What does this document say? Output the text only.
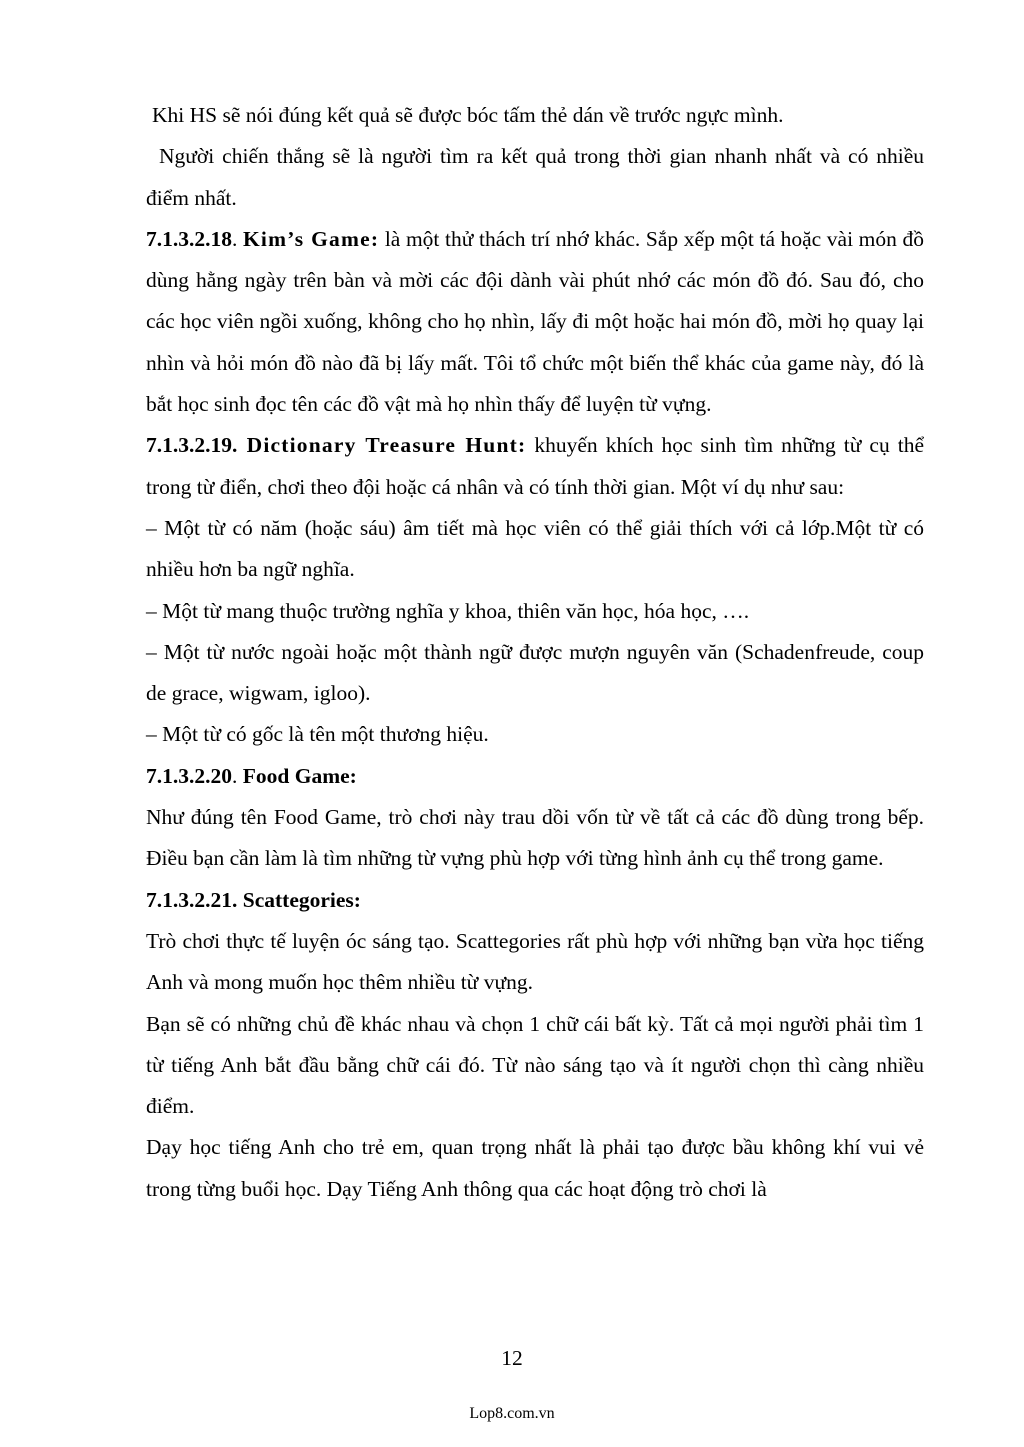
Khi HS sẽ nói đúng kết quả sẽ được bóc tấm thẻ dán về trước ngực mình.

Người chiến thắng sẽ là người tìm ra kết quả trong thời gian nhanh nhất và có nhiều điểm nhất.

7.1.3.2.18. Kim’s Game: là một thử thách trí nhớ khác. Sắp xếp một tá hoặc vài món đồ dùng hằng ngày trên bàn và mời các đội dành vài phút nhớ các món đồ đó. Sau đó, cho các học viên ngồi xuống, không cho họ nhìn, lấy đi một hoặc hai món đồ, mời họ quay lại nhìn và hỏi món đồ nào đã bị lấy mất. Tôi tổ chức một biến thể khác của game này, đó là bắt học sinh đọc tên các đồ vật mà họ nhìn thấy để luyện từ vựng.

7.1.3.2.19. Dictionary Treasure Hunt: khuyến khích học sinh tìm những từ cụ thể trong từ điển, chơi theo đội hoặc cá nhân và có tính thời gian. Một ví dụ như sau:

– Một từ có năm (hoặc sáu) âm tiết mà học viên có thể giải thích với cả lớp.Một từ có nhiều hơn ba ngữ nghĩa.

– Một từ mang thuộc trường nghĩa y khoa, thiên văn học, hóa học, ….

– Một từ nước ngoài hoặc một thành ngữ được mượn nguyên văn (Schadenfreude, coup de grace, wigwam, igloo).

– Một từ có gốc là tên một thương hiệu.

7.1.3.2.20. Food Game:

Như đúng tên Food Game, trò chơi này trau dồi vốn từ về tất cả các đồ dùng trong bếp. Điều bạn cần làm là tìm những từ vựng phù hợp với từng hình ảnh cụ thể trong game.

7.1.3.2.21. Scattegories:

Trò chơi thực tế luyện óc sáng tạo. Scattegories rất phù hợp với những bạn vừa học tiếng Anh và mong muốn học thêm nhiều từ vựng.

Bạn sẽ có những chủ đề khác nhau và chọn 1 chữ cái bất kỳ. Tất cả mọi người phải tìm 1 từ tiếng Anh bắt đầu bằng chữ cái đó. Từ nào sáng tạo và ít người chọn thì càng nhiều điểm.

Dạy học tiếng Anh cho trẻ em, quan trọng nhất là phải tạo được bầu không khí vui vẻ trong từng buổi học. Dạy Tiếng Anh thông qua các hoạt động trò chơi là

12
Lop8.com.vn
